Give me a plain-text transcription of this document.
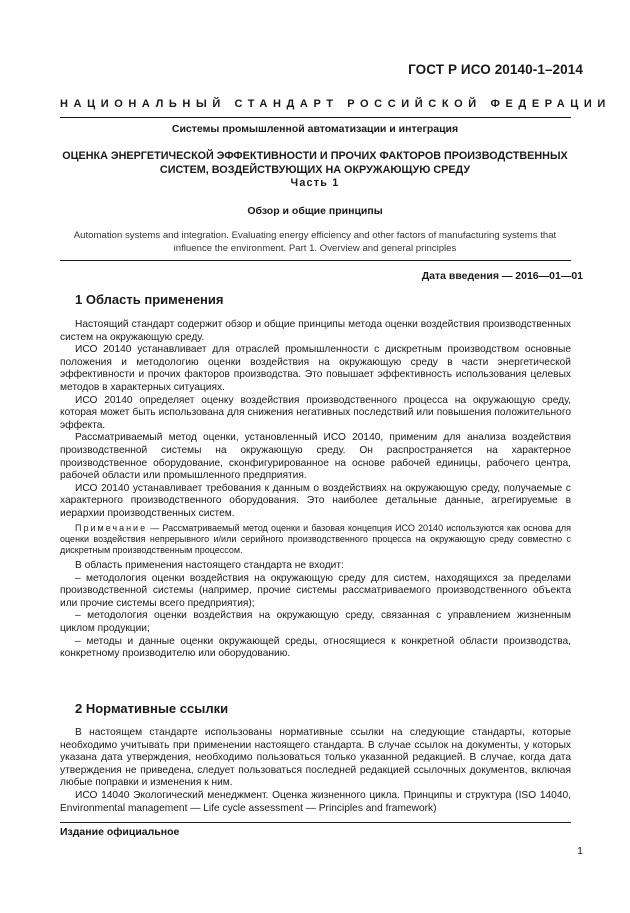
ГОСТ Р ИСО 20140-1–2014
НАЦИОНАЛЬНЫЙ СТАНДАРТ РОССИЙСКОЙ ФЕДЕРАЦИИ
Системы промышленной автоматизации и интеграция
ОЦЕНКА ЭНЕРГЕТИЧЕСКОЙ ЭФФЕКТИВНОСТИ И ПРОЧИХ ФАКТОРОВ ПРОИЗВОДСТВЕННЫХ
СИСТЕМ, ВОЗДЕЙСТВУЮЩИХ НА ОКРУЖАЮЩУЮ СРЕДУ
Часть 1
Обзор и общие принципы
Automation systems and integration. Evaluating energy efficiency and other factors of manufacturing systems that
influence the environment. Part 1. Overview and general principles
Дата введения — 2016—01—01
1 Область применения

Настоящий стандарт содержит обзор и общие принципы метода оценки воздействия производственных систем на окружающую среду.

ИСО 20140 устанавливает для отраслей промышленности с дискретным производством основные положения и методологию оценки воздействия на окружающую среду в части энергетической эффективности и прочих факторов производства. Это повышает эффективность использования целевых методов в характерных ситуациях.

ИСО 20140 определяет оценку воздействия производственного процесса на окружающую среду, которая может быть использована для снижения негативных последствий или повышения положительного эффекта.

Рассматриваемый метод оценки, установленный ИСО 20140, применим для анализа воздействия производственной системы на окружающую среду. Он распространяется на характерное производственное оборудование, сконфигурированное на основе рабочей единицы, рабочего центра, рабочей области или промышленного предприятия.

ИСО 20140 устанавливает требования к данным о воздействиях на окружающую среду, получаемые с характерного производственного оборудования. Это наиболее детальные данные, агрегируемые в иерархии производственных систем.

Примечание — Рассматриваемый метод оценки и базовая концепция ИСО 20140 используются как основа для оценки воздействия непрерывного и/или серийного производственного процесса на окружающую среду совместно с дискретным производственным процессом.

В область применения настоящего стандарта не входит:

– методология оценки воздействия на окружающую среду для систем, находящихся за пределами производственной системы (например, прочие системы рассматриваемого производственного объекта или прочие системы всего предприятия);

– методология оценки воздействия на окружающую среду, связанная с управлением жизненным циклом продукции;

– методы и данные оценки окружающей среды, относящиеся к конкретной области производства, конкретному производителю или оборудованию.

2 Нормативные ссылки

В настоящем стандарте использованы нормативные ссылки на следующие стандарты, которые необходимо учитывать при применении настоящего стандарта. В случае ссылок на документы, у которых указана дата утверждения, необходимо пользоваться только указанной редакцией. В случае, когда дата утверждения не приведена, следует пользоваться последней редакцией ссылочных документов, включая любые поправки и изменения к ним.

ИСО 14040 Экологический менеджмент. Оценка жизненного цикла. Принципы и структура (ISO 14040, Environmental management — Life cycle assessment — Principles and framework)

Издание официальное
1
